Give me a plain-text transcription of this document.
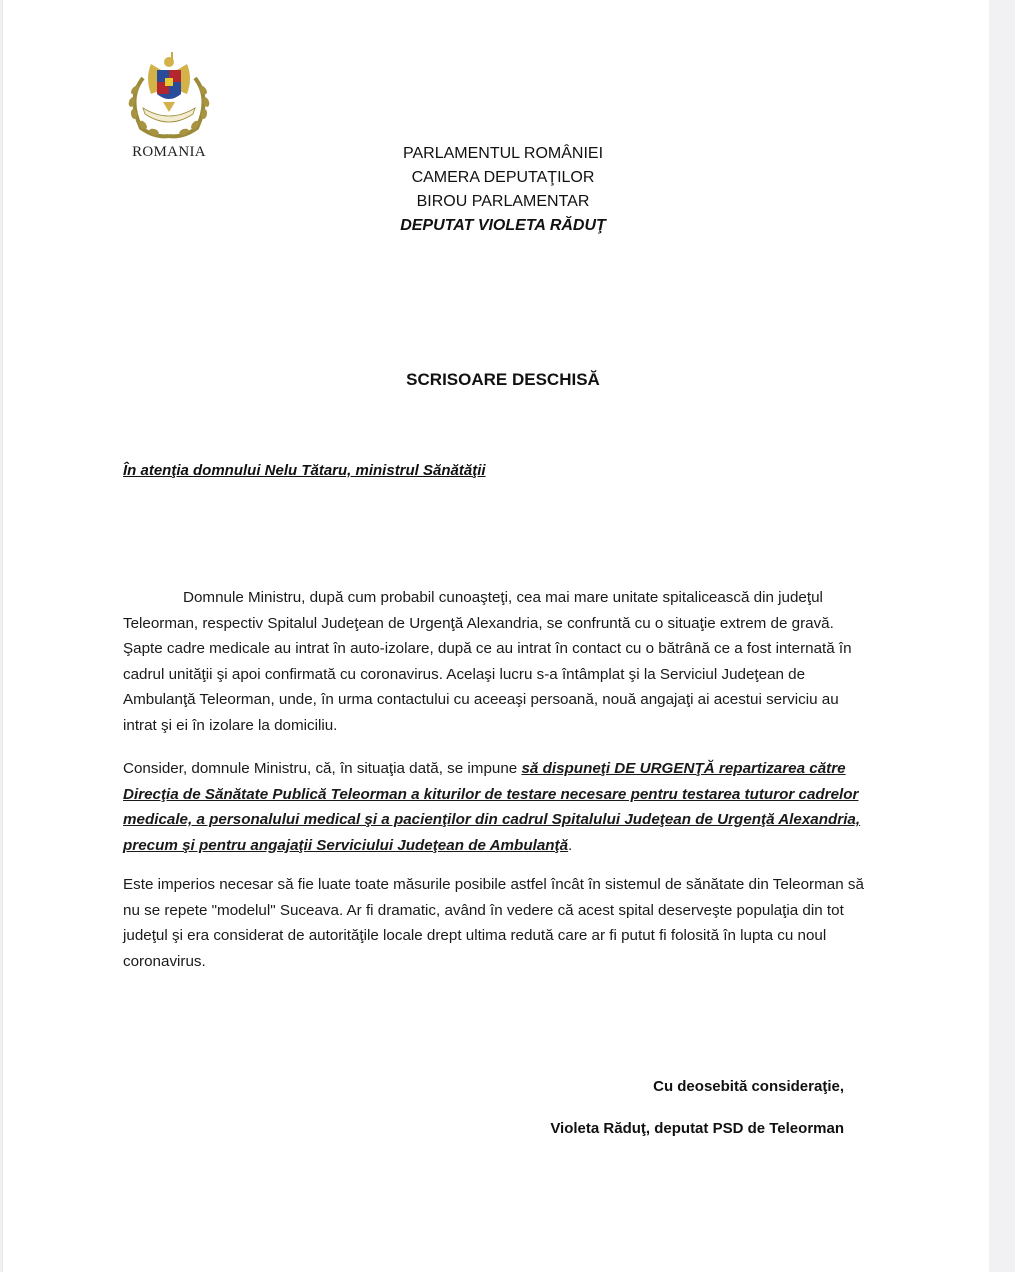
ROMANIA	PARLAMENTUL ROMÂNIEI
CAMERA DEPUTAŢILOR
BIROU PARLAMENTAR
DEPUTAT VIOLETA RĂDUŢ
SCRISOARE DESCHISĂ
În atenţia domnului Nelu Tătaru, ministrul Sănătăţii

Domnule Ministru, după cum probabil cunoaşteţi, cea mai mare unitate spitalicească din judeţul Teleorman, respectiv Spitalul Judeţean de Urgenţă Alexandria, se confruntă cu o situaţie extrem de gravă. Şapte cadre medicale au intrat în auto-izolare, după ce au intrat în contact cu o bătrână ce a fost internată în cadrul unităţii şi apoi confirmată cu coronavirus. Acelaşi lucru s-a întâmplat şi la Serviciul Judeţean de Ambulanţă Teleorman, unde, în urma contactului cu aceeaşi persoană, nouă angajaţi ai acestui serviciu au intrat şi ei în izolare la domiciliu.

Consider, domnule Ministru, că, în situaţia dată, se impune să dispuneţi DE URGENŢĂ repartizarea către Direcţia de Sănătate Publică Teleorman a kiturilor de testare necesare pentru testarea tuturor cadrelor medicale, a personalului medical şi a pacienţilor din cadrul Spitalului Judeţean de Urgenţă Alexandria, precum şi pentru angajaţii Serviciului Judeţean de Ambulanţă.

Este imperios necesar să fie luate toate măsurile posibile astfel încât în sistemul de sănătate din Teleorman să nu se repete "modelul" Suceava. Ar fi dramatic, având în vedere că acest spital deserveşte populaţia din tot judeţul şi era considerat de autorităţile locale drept ultima redută care ar fi putut fi folosită în lupta cu noul coronavirus.

Cu deosebită consideraţie,
Violeta Răduţ, deputat PSD de Teleorman
